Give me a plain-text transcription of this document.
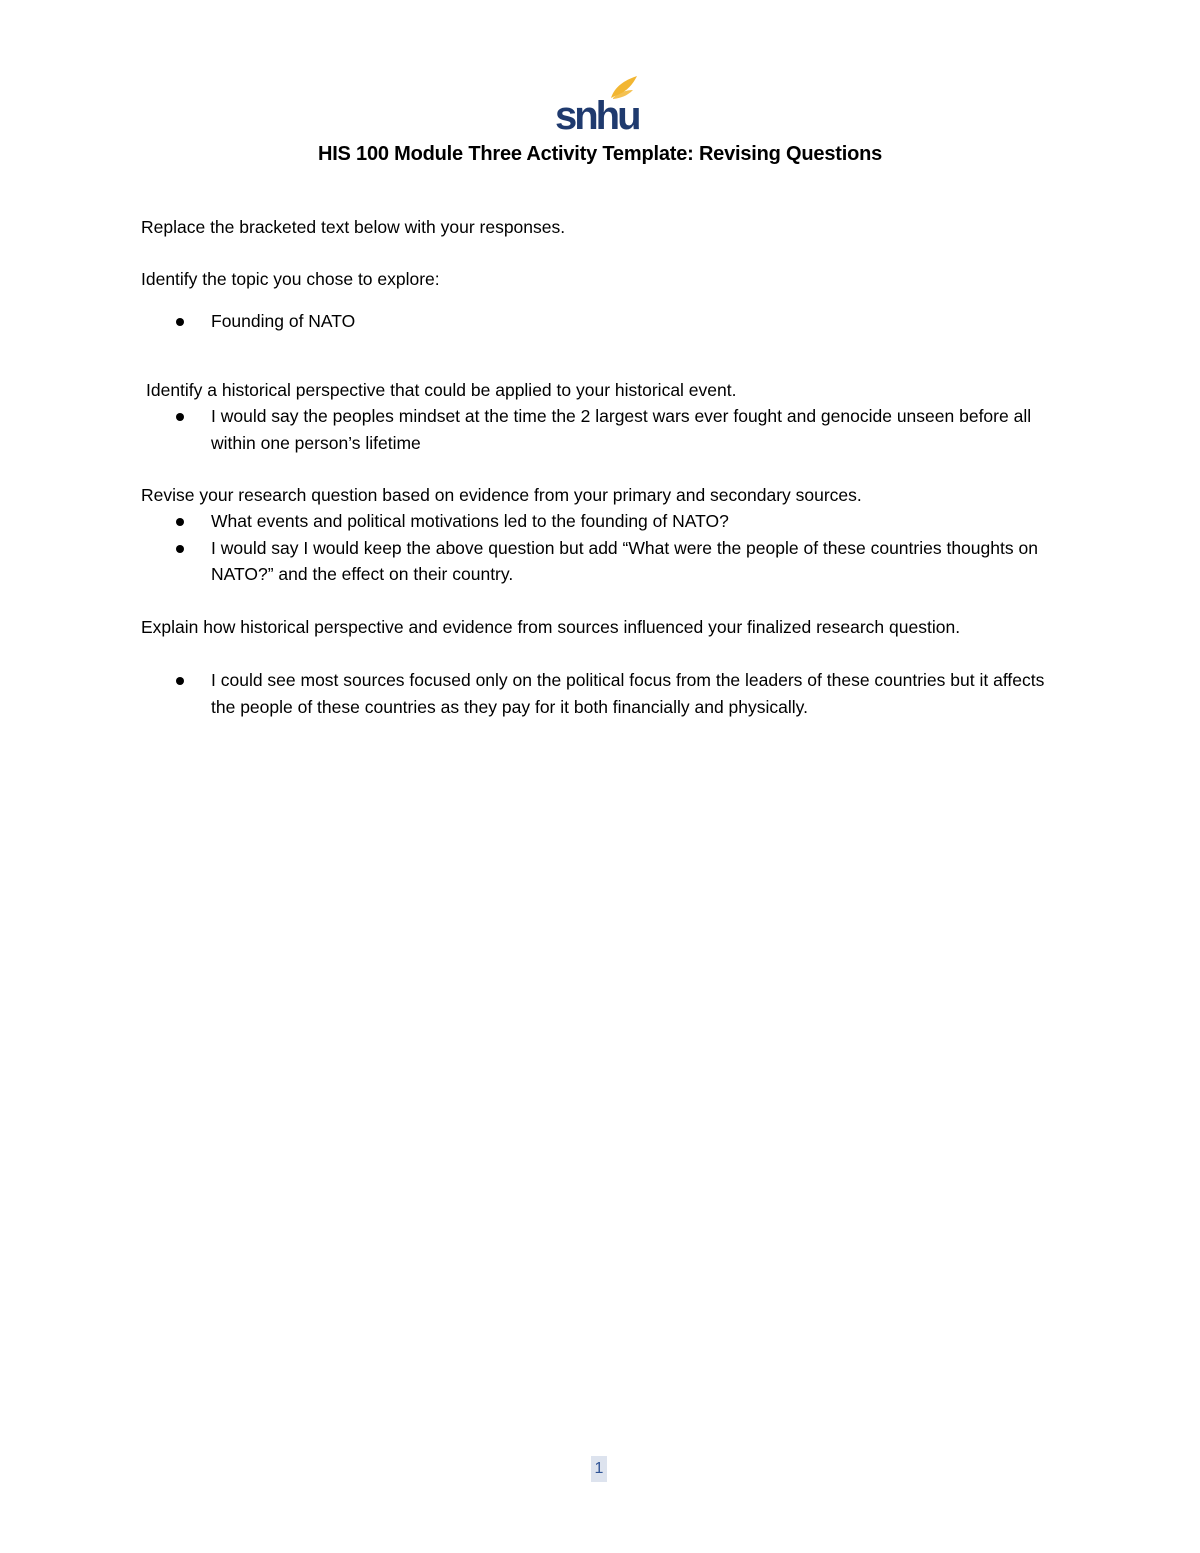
snhu
HIS 100 Module Three Activity Template: Revising Questions
Replace the bracketed text below with your responses.
Identify the topic you chose to explore:
Founding of NATO
Identify a historical perspective that could be applied to your historical event.
I would say the peoples mindset at the time the 2 largest wars ever fought and genocide unseen before all within one person’s lifetime
Revise your research question based on evidence from your primary and secondary sources.
What events and political motivations led to the founding of NATO?
I would say I would keep the above question but add “What were the people of these countries thoughts on NATO?” and the effect on their country.
Explain how historical perspective and evidence from sources influenced your finalized research question.
I could see most sources focused only on the political focus from the leaders of these countries but it affects the people of these countries as they pay for it both financially and physically.
1
